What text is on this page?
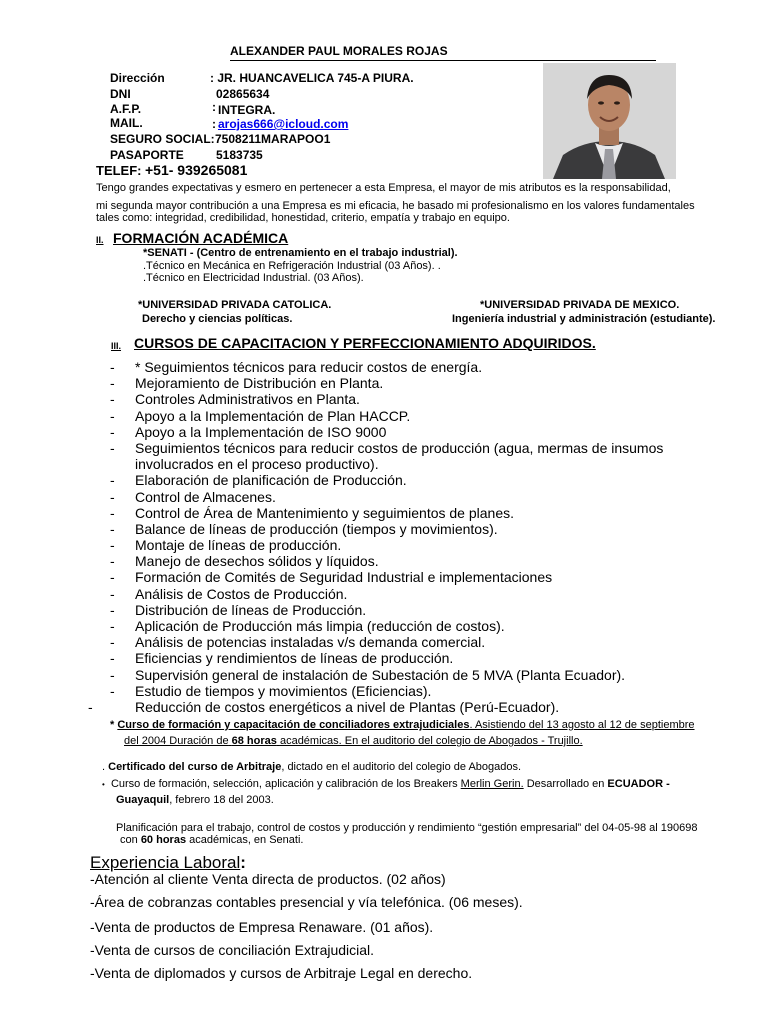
ALEXANDER PAUL MORALES ROJAS
Dirección	: JR. HUANCAVELICA 745-A PIURA.
DNI	02865634
A.F.P.	: INTEGRA.
MAIL.	: arojas666@icloud.com
SEGURO SOCIAL: 7508211MARAPOO1
PASAPORTE	5183735
TELEF: +51- 939265081
Tengo grandes expectativas y esmero en pertenecer a esta Empresa, el mayor de mis atributos es la responsabilidad,
mi segunda mayor contribución a una Empresa es mi eficacia, he basado mi profesionalismo en los valores fundamentales
tales como: integridad, credibilidad, honestidad, criterio, empatía y trabajo en equipo.
II. FORMACIÓN ACADÉMICA
*SENATI - (Centro de entrenamiento en el trabajo industrial).
.Técnico en Mecánica en Refrigeración Industrial (03 Años). .
.Técnico en Electricidad Industrial. (03 Años).
*UNIVERSIDAD PRIVADA CATOLICA.
Derecho y ciencias políticas.
*UNIVERSIDAD PRIVADA DE MEXICO.
Ingeniería industrial y administración (estudiante).
III. CURSOS DE CAPACITACION Y PERFECCIONAMIENTO ADQUIRIDOS.
- * Seguimientos técnicos para reducir costos de energía.
- Mejoramiento de Distribución en Planta.
- Controles Administrativos en Planta.
- Apoyo a la Implementación de Plan HACCP.
- Apoyo a la Implementación de ISO 9000
- Seguimientos técnicos para reducir costos de producción (agua, mermas de insumos involucrados en el proceso productivo).
- Elaboración de planificación de Producción.
- Control de Almacenes.
- Control de Área de Mantenimiento y seguimientos de planes.
- Balance de líneas de producción (tiempos y movimientos).
- Montaje de líneas de producción.
- Manejo de desechos sólidos y líquidos.
- Formación de Comités de Seguridad Industrial e implementaciones
- Análisis de Costos de Producción.
- Distribución de líneas de Producción.
- Aplicación de Producción más limpia (reducción de costos).
- Análisis de potencias instaladas v/s demanda comercial.
- Eficiencias y rendimientos de líneas de producción.
- Supervisión general de instalación de Subestación de 5 MVA (Planta Ecuador).
- Estudio de tiempos y movimientos (Eficiencias).
-	Reducción de costos energéticos a nivel de Plantas (Perú-Ecuador).
* Curso de formación y capacitación de conciliadores extrajudiciales. Asistiendo del 13 agosto al 12 de septiembre
del 2004 Duración de 68 horas académicas. En el auditorio del colegio de Abogados - Trujillo.
. Certificado del curso de Arbitraje, dictado en el auditorio del colegio de Abogados.
• Curso de formación, selección, aplicación y calibración de los Breakers Merlin Gerin. Desarrollado en ECUADOR -
Guayaquil, febrero 18 del 2003.
Planificación para el trabajo, control de costos y producción y rendimiento “gestión empresarial” del 04-05-98 al 190698
con 60 horas académicas, en Senati.
Experiencia Laboral:
-Atención al cliente Venta directa de productos. (02 años)
-Área de cobranzas contables presencial y vía telefónica. (06 meses).
-Venta de productos de Empresa Renaware. (01 años).
-Venta de cursos de conciliación Extrajudicial.
-Venta de diplomados y cursos de Arbitraje Legal en derecho.
